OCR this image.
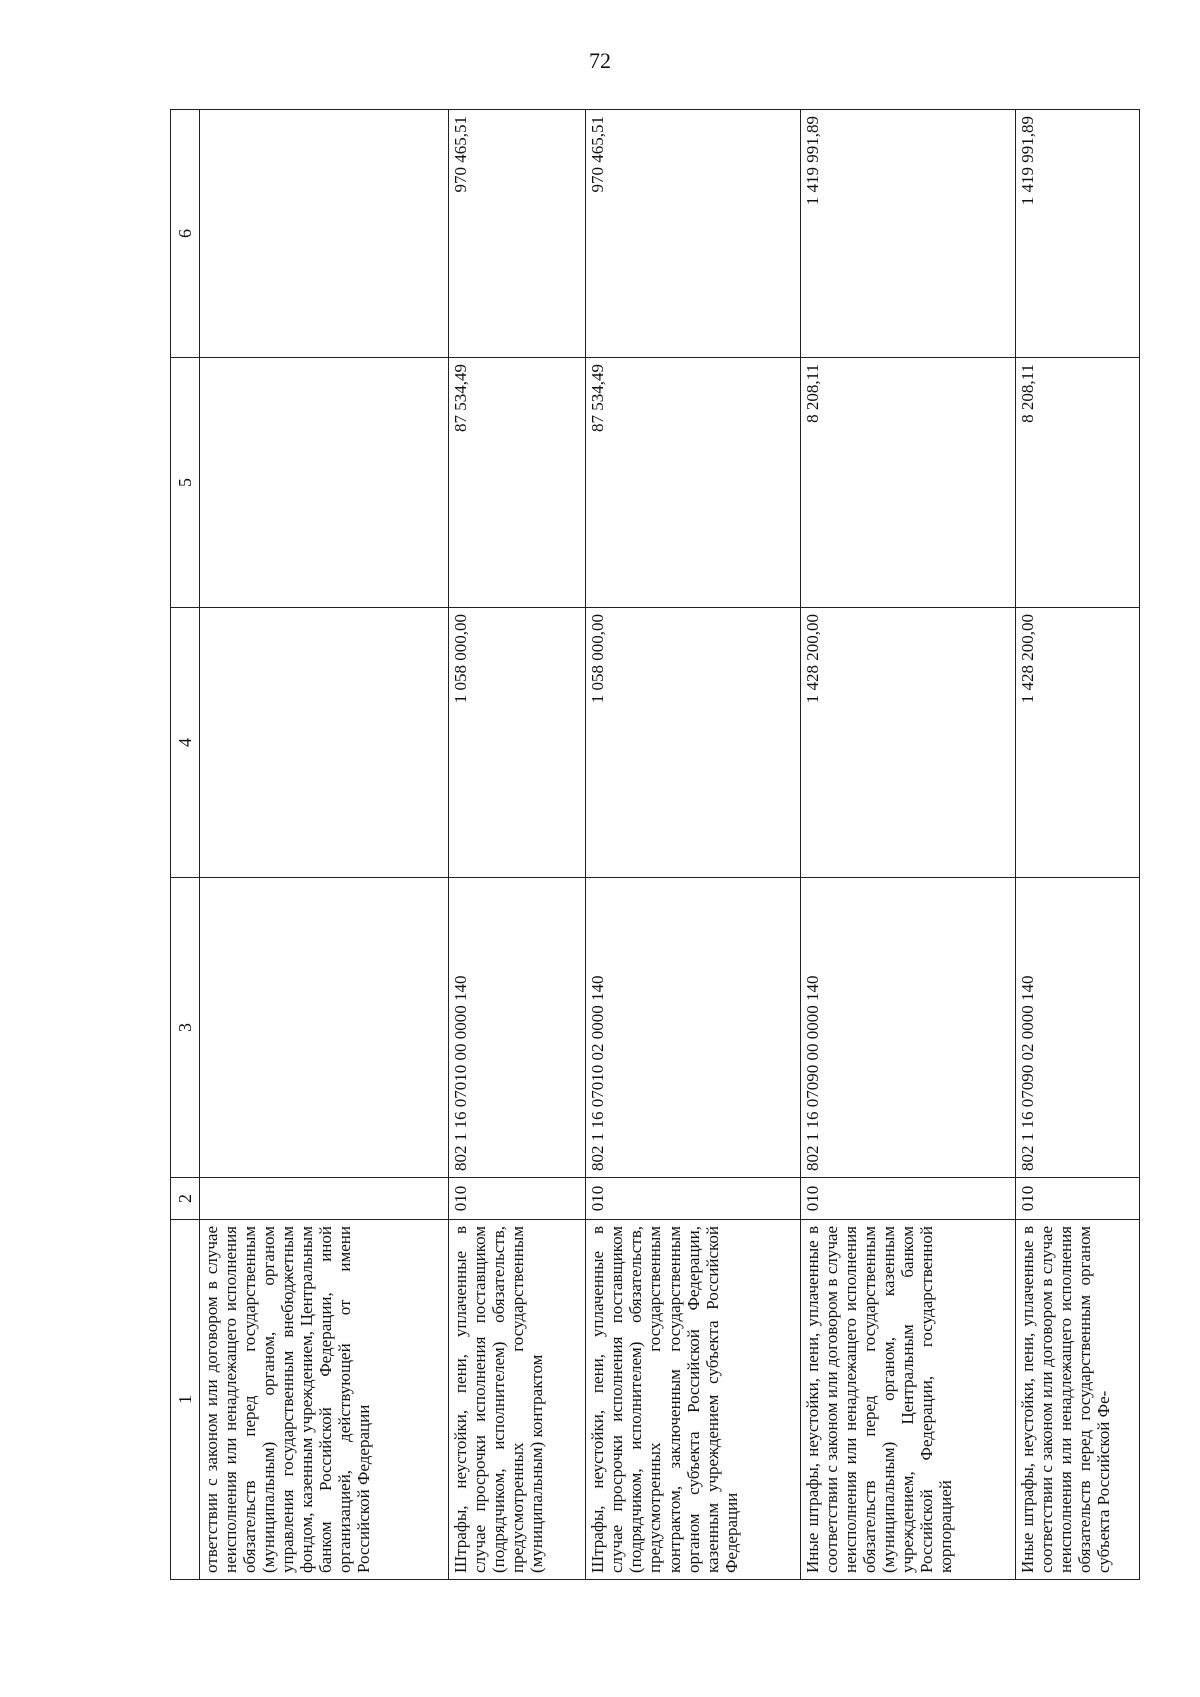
72
1	2	3	4	5	6
ответствии с законом или договором в случае неисполнения или ненадлежащего исполнения обязательств перед государственным (муниципальным) органом, органом управления государственным внебюджетным фондом, казенным учреждением, Центральным банком Российской Федерации, иной организацией, действующей от имени Российской Федерации					
Штрафы, неустойки, пени, уплаченные в случае просрочки исполнения поставщиком (подрядчиком, исполнителем) обязательств, предусмотренных государственным (муниципальным) контрактом	010	802 1 16 07010 00 0000 140	1 058 000,00	87 534,49	970 465,51
Штрафы, неустойки, пени, уплаченные в случае просрочки исполнения поставщиком (подрядчиком, исполнителем) обязательств, предусмотренных государственным контрактом, заключенным государственным органом субъекта Российской Федерации, казенным учреждением субъекта Российской Федерации	010	802 1 16 07010 02 0000 140	1 058 000,00	87 534,49	970 465,51
Иные штрафы, неустойки, пени, уплаченные в соответствии с законом или договором в случае неисполнения или ненадлежащего исполнения обязательств перед государственным (муниципальным) органом, казенным учреждением, Центральным банком Российской Федерации, государственной корпорацией	010	802 1 16 07090 00 0000 140	1 428 200,00	8 208,11	1 419 991,89
Иные штрафы, неустойки, пени, уплаченные в соответствии с законом или договором в случае неисполнения или ненадлежащего исполнения обязательств перед государственным органом субъекта Российской Фе-	010	802 1 16 07090 02 0000 140	1 428 200,00	8 208,11	1 419 991,89
